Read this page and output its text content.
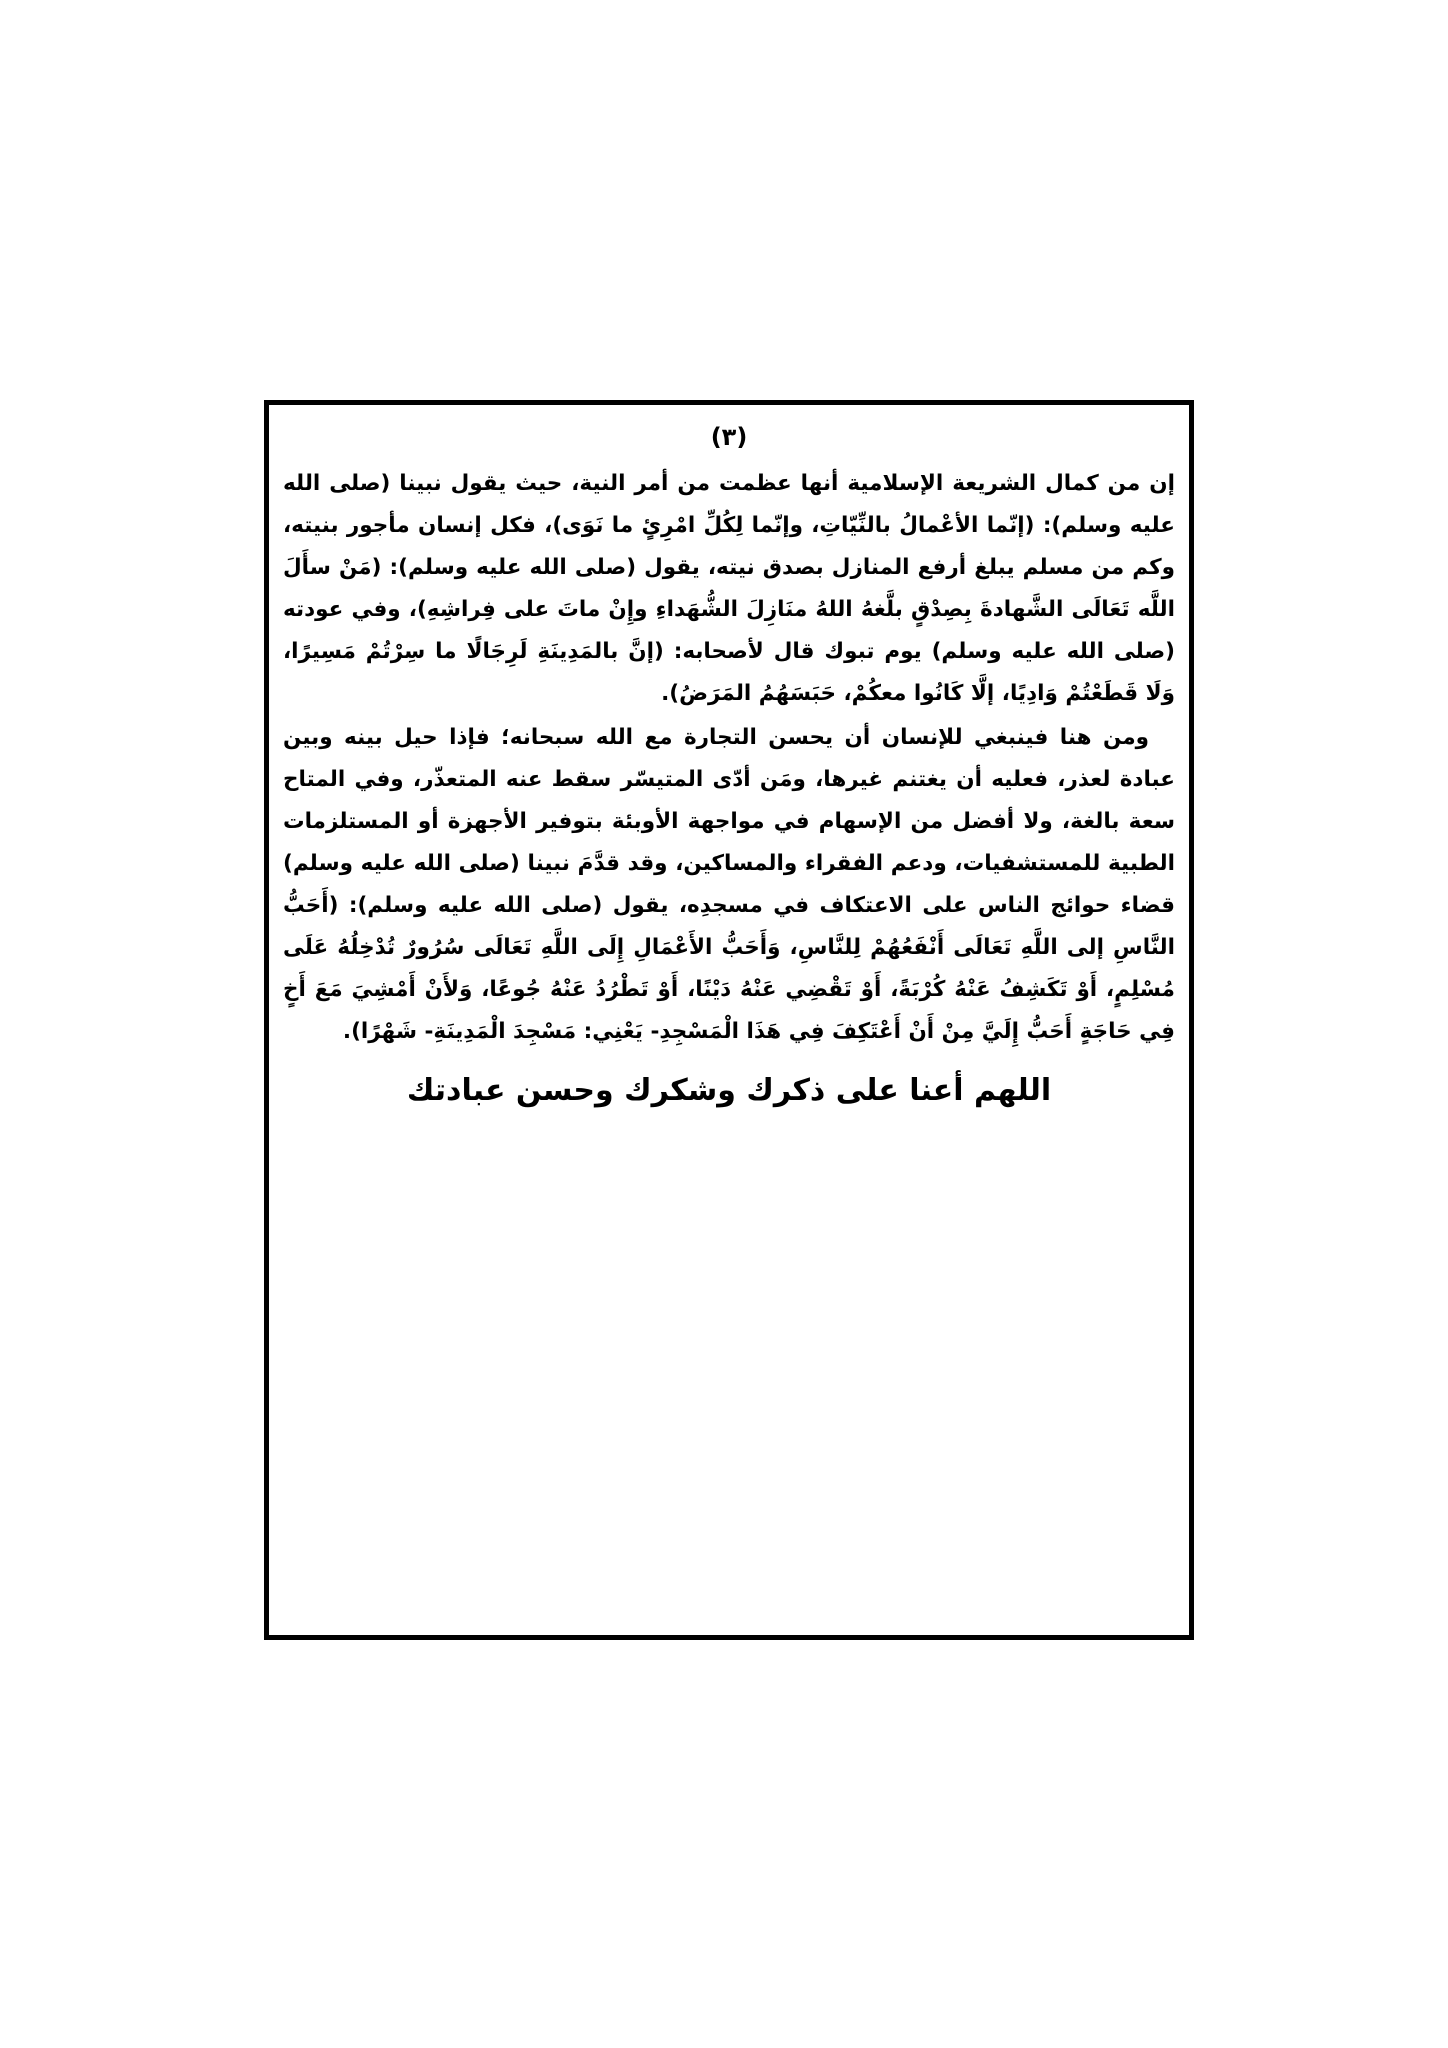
(٣)

إن من كمال الشريعة الإسلامية أنها عظمت من أمر النية، حيث يقول نبينا (صلى الله عليه وسلم): (إنّما الأعْمالُ بالنِّيّاتِ، وإنّما لِكُلِّ امْرِئٍ ما نَوَى)، فكل إنسان مأجور بنيته، وكم من مسلم يبلغ أرفع المنازل بصدق نيته، يقول (صلى الله عليه وسلم): (مَنْ سأَلَ اللَّه تَعَالَى الشَّهادةَ بِصِدْقٍ بلَّغهُ اللهُ منَازِلَ الشُّهَداءِ وإِنْ ماتَ على فِراشِهِ)، وفي عودته (صلى الله عليه وسلم) يوم تبوك قال لأصحابه: (إنَّ بالمَدِينَةِ لَرِجَالًا ما سِرْتُمْ مَسِيرًا، وَلَا قَطَعْتُمْ وَادِيًا، إلَّا كَانُوا معكُمْ، حَبَسَهُمُ المَرَضُ).

ومن هنا فينبغي للإنسان أن يحسن التجارة مع الله سبحانه؛ فإذا حيل بينه وبين عبادة لعذر، فعليه أن يغتنم غيرها، ومَن أدّى المتيسّر سقط عنه المتعذّر، وفي المتاح سعة بالغة، ولا أفضل من الإسهام في مواجهة الأوبئة بتوفير الأجهزة أو المستلزمات الطبية للمستشفيات، ودعم الفقراء والمساكين، وقد قدَّمَ نبينا (صلى الله عليه وسلم) قضاء حوائج الناس على الاعتكاف في مسجدِه، يقول (صلى الله عليه وسلم): (أَحَبُّ النَّاسِ إلى اللَّهِ تَعَالَى أَنْفَعُهُمْ لِلنَّاسِ، وَأَحَبُّ الأَعْمَالِ إِلَى اللَّهِ تَعَالَى سُرُورٌ تُدْخِلُهُ عَلَى مُسْلِمٍ، أَوْ تَكَشِفُ عَنْهُ كُرْبَةً، أَوْ تَقْضِي عَنْهُ دَيْنًا، أَوْ تَطْرُدُ عَنْهُ جُوعًا، وَلأَنْ أَمْشِيَ مَعَ أَخٍ فِي حَاجَةٍ أَحَبُّ إِلَيَّ مِنْ أَنْ أَعْتَكِفَ فِي هَذَا الْمَسْجِدِ- يَعْنِي: مَسْجِدَ الْمَدِينَةِ- شَهْرًا).

اللهم أعنا على ذكرك وشكرك وحسن عبادتك
